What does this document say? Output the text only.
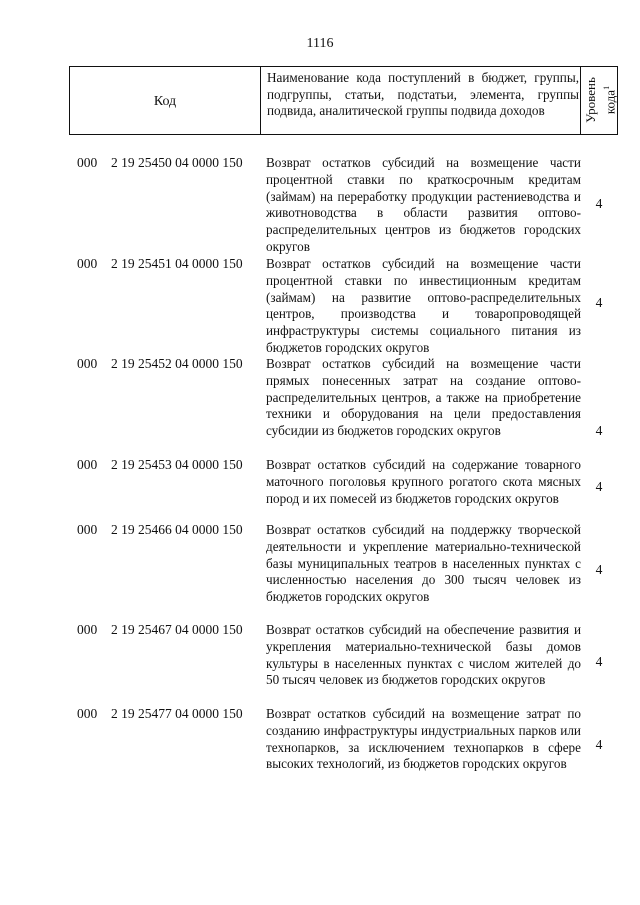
1116
Код
Наименование кода поступлений в бюджет, группы, подгруппы, статьи, подстатьи, элемента, группы подвида, аналитической группы подвида доходов	Уровень кода$^1$
000 2 19 25450 04 0000 150 Возврат остатков субсидий на возмещение части процентной ставки по краткосрочным кредитам (займам) на переработку продукции растениеводства и животноводства в области развития оптово-распределительных центров из бюджетов городских округов
4
000 2 19 25451 04 0000 150 Возврат остатков субсидий на возмещение части процентной ставки по инвестиционным кредитам (займам) на развитие оптово-распределительных центров, производства и товаропроводящей инфраструктуры системы социального питания из бюджетов городских округов
4
000 2 19 25452 04 0000 150 Возврат остатков субсидий на возмещение части прямых понесенных затрат на создание оптово-распределительных центров, а также на приобретение техники и оборудования на цели предоставления субсидии из бюджетов городских округов	4
000 2 19 25453 04 0000 150 Возврат остатков субсидий на содержание товарного маточного поголовья крупного рогатого скота мясных пород и их помесей из бюджетов городских округов
4
000 2 19 25466 04 0000 150 Возврат остатков субсидий на поддержку творческой деятельности и укрепление материально-технической базы муниципальных театров в населенных пунктах с численностью населения до 300 тысяч человек из бюджетов городских округов
4
000 2 19 25467 04 0000 150 Возврат остатков субсидий на обеспечение развития и укрепления материально-технической базы домов культуры в населенных пунктах с числом жителей до 50 тысяч человек из бюджетов городских округов
4
000 2 19 25477 04 0000 150 Возврат остатков субсидий на возмещение затрат по созданию инфраструктуры индустриальных парков или технопарков, за исключением технопарков в сфере высоких технологий, из бюджетов городских округов
4
